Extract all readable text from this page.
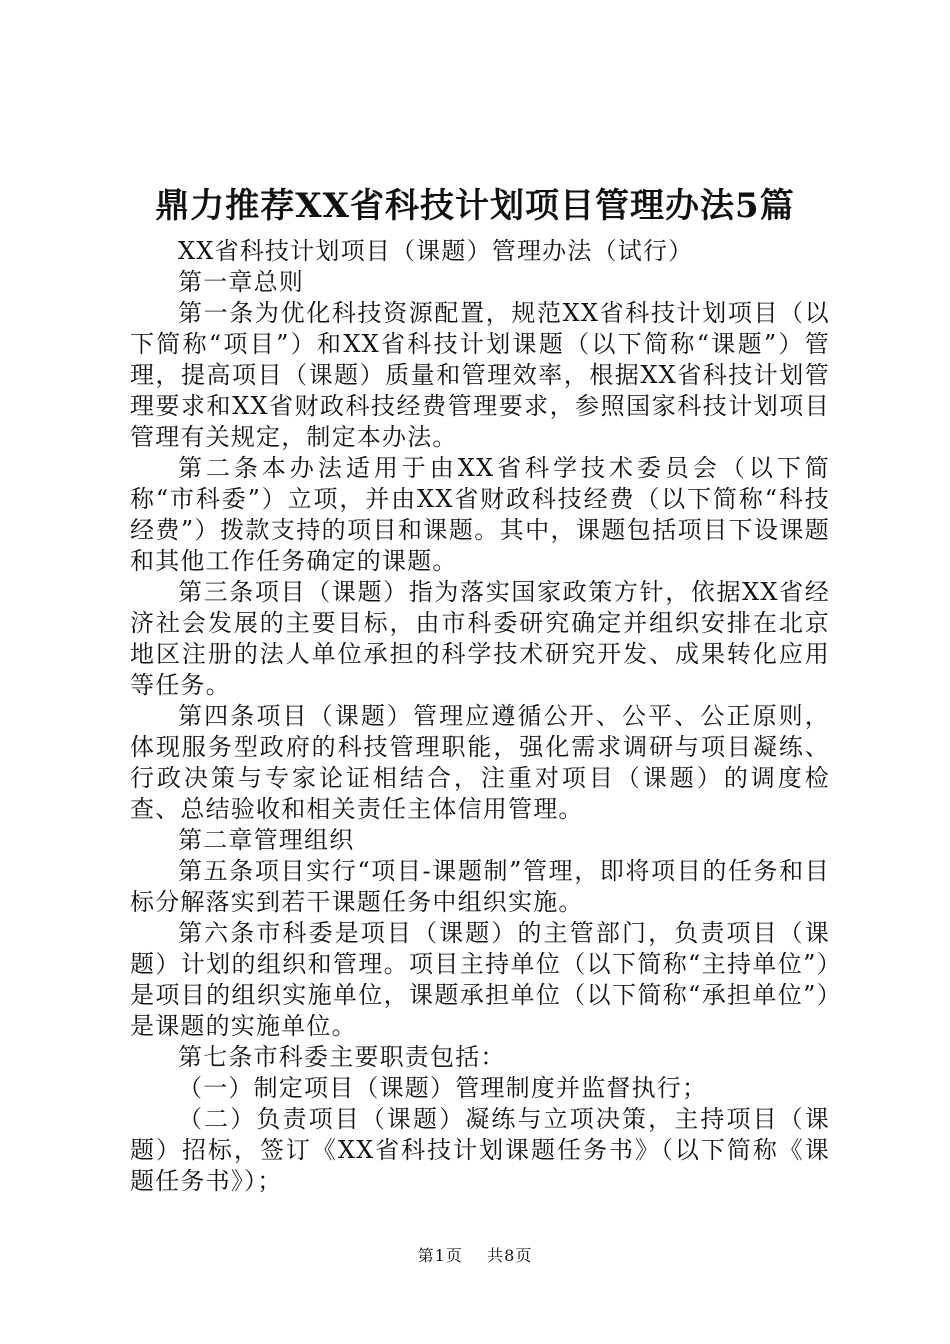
鼎力推荐XX省科技计划项目管理办法5篇

XX省科技计划项目（课题）管理办法（试行）

第一章总则

第一条为优化科技资源配置，规范XX省科技计划项目（以下简称“项目”）和XX省科技计划课题（以下简称“课题”）管理，提高项目（课题）质量和管理效率，根据XX省科技计划管理要求和XX省财政科技经费管理要求，参照国家科技计划项目管理有关规定，制定本办法。

第二条本办法适用于由XX省科学技术委员会（以下简称“市科委”）立项，并由XX省财政科技经费（以下简称“科技经费”）拨款支持的项目和课题。其中，课题包括项目下设课题和其他工作任务确定的课题。

第三条项目（课题）指为落实国家政策方针，依据XX省经济社会发展的主要目标，由市科委研究确定并组织安排在北京地区注册的法人单位承担的科学技术研究开发、成果转化应用等任务。

第四条项目（课题）管理应遵循公开、公平、公正原则，体现服务型政府的科技管理职能，强化需求调研与项目凝练、行政决策与专家论证相结合，注重对项目（课题）的调度检查、总结验收和相关责任主体信用管理。

第二章管理组织

第五条项目实行“项目-课题制”管理，即将项目的任务和目标分解落实到若干课题任务中组织实施。

第六条市科委是项目（课题）的主管部门，负责项目（课题）计划的组织和管理。项目主持单位（以下简称“主持单位”）是项目的组织实施单位，课题承担单位（以下简称“承担单位”）是课题的实施单位。

第七条市科委主要职责包括：

（一）制定项目（课题）管理制度并监督执行；

（二）负责项目（课题）凝练与立项决策，主持项目（课题）招标，签订《XX省科技计划课题任务书》（以下简称《课题任务书》）；

第1页 共8页
